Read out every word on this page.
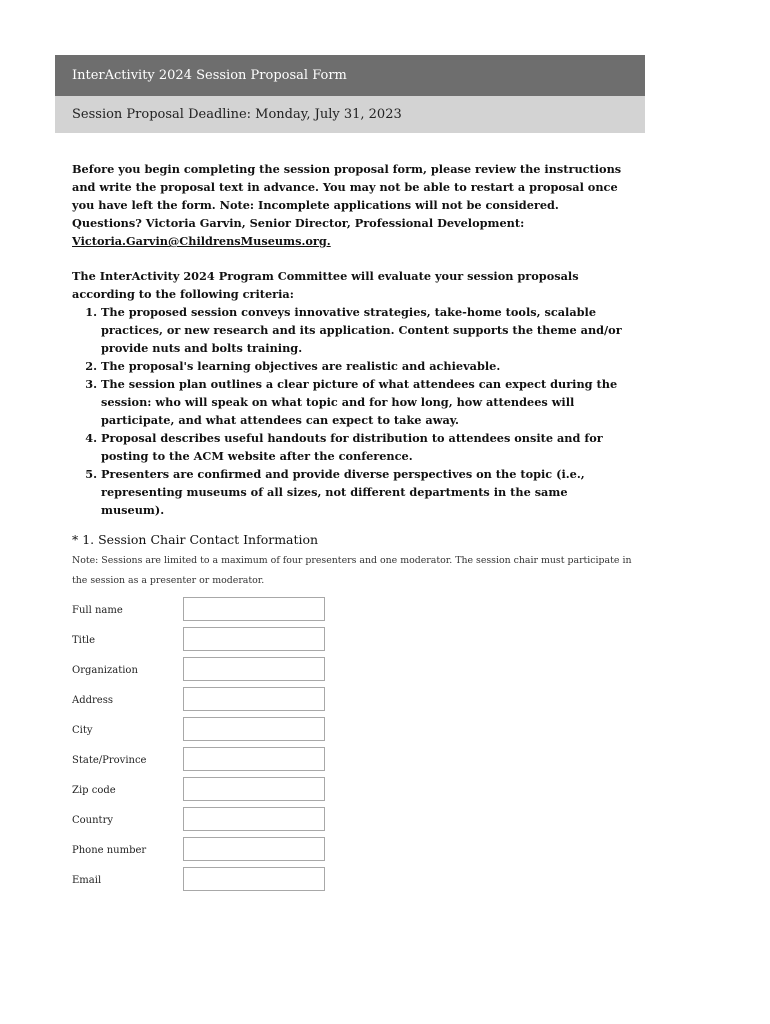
InterActivity 2024 Session Proposal Form
Session Proposal Deadline: Monday, July 31, 2023

Before you begin completing the session proposal form, please review the instructions and write the proposal text in advance. You may not be able to restart a proposal once you have left the form. Note: Incomplete applications will not be considered. Questions? Victoria Garvin, Senior Director, Professional Development: Victoria.Garvin@ChildrensMuseums.org.

The InterActivity 2024 Program Committee will evaluate your session proposals according to the following criteria:

1. The proposed session conveys innovative strategies, take-home tools, scalable practices, or new research and its application. Content supports the theme and/or provide nuts and bolts training.
2. The proposal's learning objectives are realistic and achievable.
3. The session plan outlines a clear picture of what attendees can expect during the session: who will speak on what topic and for how long, how attendees will participate, and what attendees can expect to take away.
4. Proposal describes useful handouts for distribution to attendees onsite and for posting to the ACM website after the conference.
5. Presenters are confirmed and provide diverse perspectives on the topic (i.e., representing museums of all sizes, not different departments in the same museum).
* 1. Session Chair Contact Information
Note: Sessions are limited to a maximum of four presenters and one moderator. The session chair must participate in the session as a presenter or moderator.
Full name
Title
Organization
Address
City
State/Province
Zip code
Country
Phone number
Email
